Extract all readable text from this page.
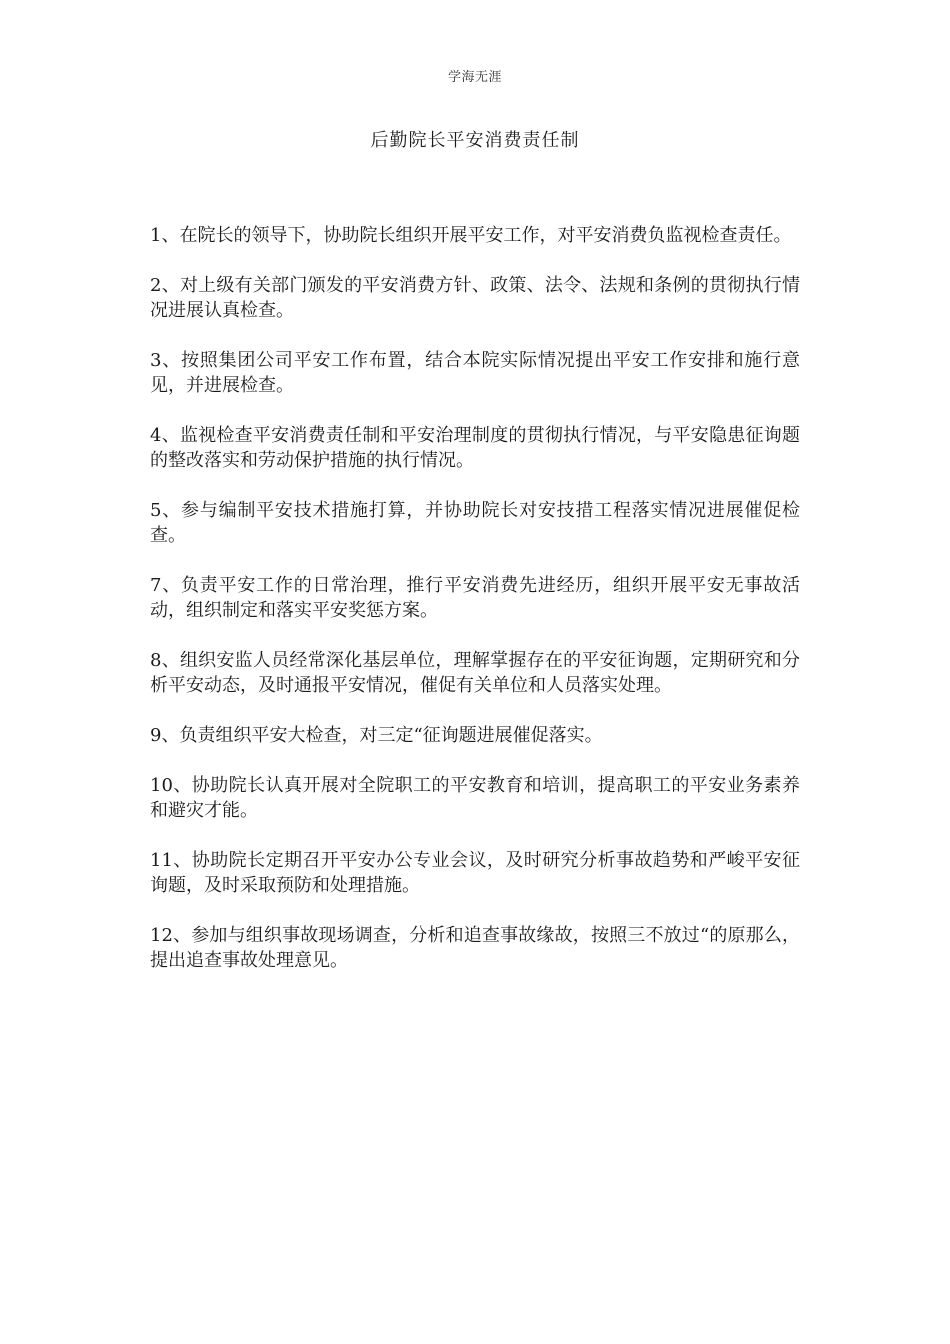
学海无涯
后勤院长平安消费责任制

1、在院长的领导下，协助院长组织开展平安工作，对平安消费负监视检查责任。

2、对上级有关部门颁发的平安消费方针、政策、法令、法规和条例的贯彻执行情况进展认真检查。

3、按照集团公司平安工作布置，结合本院实际情况提出平安工作安排和施行意见，并进展检查。

4、监视检查平安消费责任制和平安治理制度的贯彻执行情况，与平安隐患征询题的整改落实和劳动保护措施的执行情况。

5、参与编制平安技术措施打算，并协助院长对安技措工程落实情况进展催促检查。

7、负责平安工作的日常治理，推行平安消费先进经历，组织开展平安无事故活动，组织制定和落实平安奖惩方案。

8、组织安监人员经常深化基层单位，理解掌握存在的平安征询题，定期研究和分析平安动态，及时通报平安情况，催促有关单位和人员落实处理。

9、负责组织平安大检查，对三定“征询题进展催促落实。

10、协助院长认真开展对全院职工的平安教育和培训，提高职工的平安业务素养和避灾才能。

11、协助院长定期召开平安办公专业会议，及时研究分析事故趋势和严峻平安征询题，及时采取预防和处理措施。

12、参加与组织事故现场调查，分析和追查事故缘故，按照三不放过“的原那么，提出追查事故处理意见。
